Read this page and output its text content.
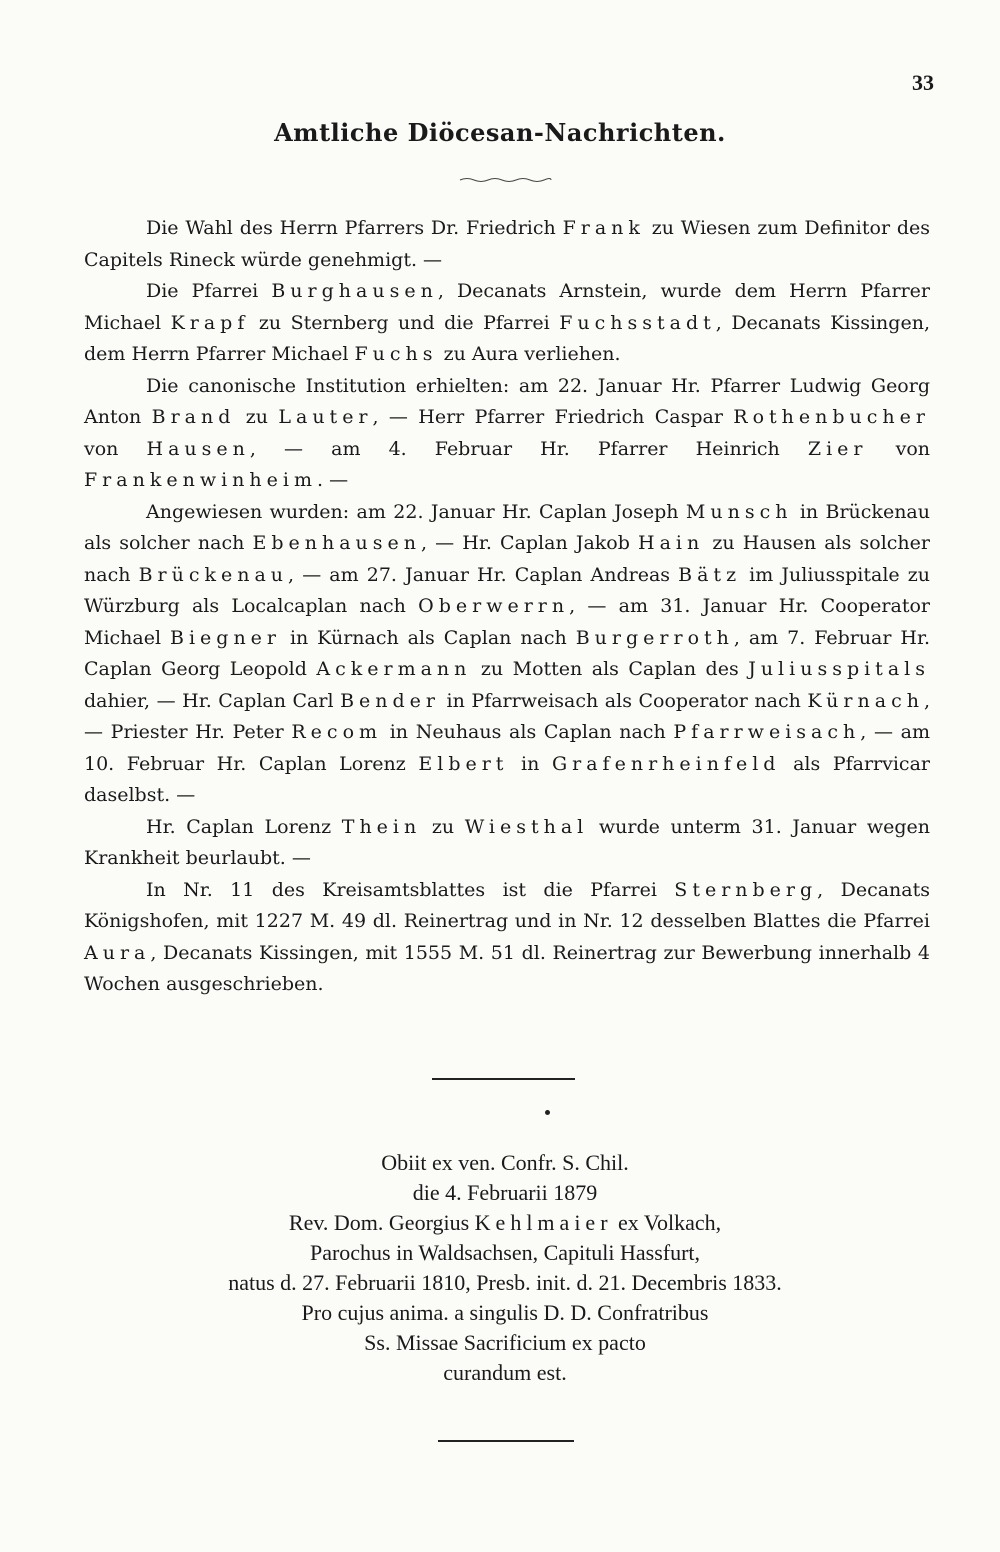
33
Amtliche Diöcesan-Nachrichten.

Die Wahl des Herrn Pfarrers Dr. Friedrich Frank zu Wiesen zum Definitor des Capitels Rineck würde genehmigt. —

Die Pfarrei Burghausen, Decanats Arnstein, wurde dem Herrn Pfarrer Michael Krapf zu Sternberg und die Pfarrei Fuchsstadt, Decanats Kissingen, dem Herrn Pfarrer Michael Fuchs zu Aura verliehen.

Die canonische Institution erhielten: am 22. Januar Hr. Pfarrer Ludwig Georg Anton Brand zu Lauter, — Herr Pfarrer Friedrich Caspar Rothenbucher von Hausen, — am 4. Februar Hr. Pfarrer Heinrich Zier von Frankenwinheim. —

Angewiesen wurden: am 22. Januar Hr. Caplan Joseph Munsch in Brückenau als solcher nach Ebenhausen, — Hr. Caplan Jakob Hain zu Hausen als solcher nach Brückenau, — am 27. Januar Hr. Caplan Andreas Bätz im Juliusspitale zu Würzburg als Localcaplan nach Oberwerrn, — am 31. Januar Hr. Cooperator Michael Biegner in Kürnach als Caplan nach Burgerroth, am 7. Februar Hr. Caplan Georg Leopold Ackermann zu Motten als Caplan des Juliusspitals dahier, — Hr. Caplan Carl Bender in Pfarrweisach als Cooperator nach Kürnach, — Priester Hr. Peter Recom in Neuhaus als Caplan nach Pfarrweisach, — am 10. Februar Hr. Caplan Lorenz Elbert in Grafenrheinfeld als Pfarrvicar daselbst. —

Hr. Caplan Lorenz Thein zu Wiesthal wurde unterm 31. Januar wegen Krankheit beurlaubt. —

In Nr. 11 des Kreisamtsblattes ist die Pfarrei Sternberg, Decanats Königshofen, mit 1227 M. 49 dl. Reinertrag und in Nr. 12 desselben Blattes die Pfarrei Aura, Decanats Kissingen, mit 1555 M. 51 dl. Reinertrag zur Bewerbung innerhalb 4 Wochen ausgeschrieben.

Obiit ex ven. Confr. S. Chil.
die 4. Februarii 1879
Rev. Dom. Georgius Kehlmaier ex Volkach,
Parochus in Waldsachsen, Capituli Hassfurt,
natus d. 27. Februarii 1810, Presb. init. d. 21. Decembris 1833.
Pro cujus anima. a singulis D. D. Confratribus
Ss. Missae Sacrificium ex pacto
curandum est.
